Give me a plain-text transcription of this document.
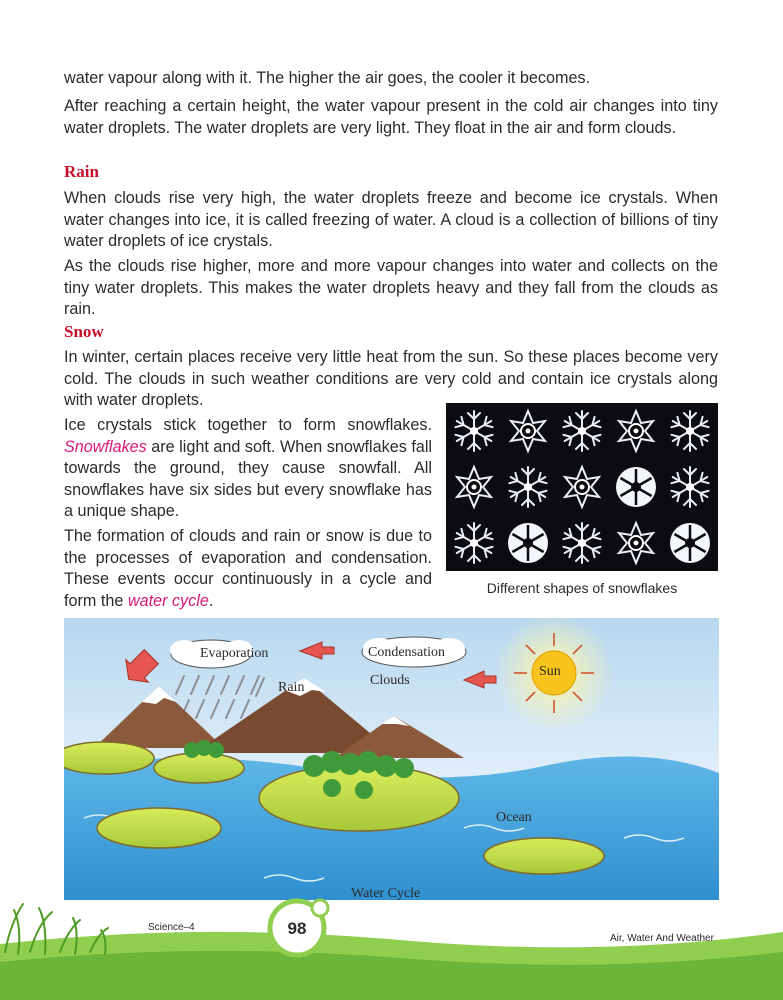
water vapour along with it. The higher the air goes, the cooler it becomes.

After reaching a certain height, the water vapour present in the cold air changes into tiny water droplets. The water droplets are very light. They float in the air and form clouds.

Rain

When clouds rise very high, the water droplets freeze and become ice crystals. When water changes into ice, it is called freezing of water. A cloud is a collection of billions of tiny water droplets of ice crystals.

As the clouds rise higher, more and more vapour changes into water and collects on the tiny water droplets. This makes the water droplets heavy and they fall from the clouds as rain.

Snow

In winter, certain places receive very little heat from the sun. So these places become very cold. The clouds in such weather conditions are very cold and contain ice crystals along with water droplets.

Ice crystals stick together to form snowflakes. Snowflakes are light and soft. When snowflakes fall towards the ground, they cause snowfall. All snowflakes have six sides but every snowflake has a unique shape.

The formation of clouds and rain or snow is due to the processes of evaporation and condensation. These events occur continuously in a cycle and form the water cycle.

Different shapes of snowflakes
Evaporation	Condensation
Rain	Clouds
Sun
Ocean
Water Cycle
Science–4	98
Air, Water And Weather
